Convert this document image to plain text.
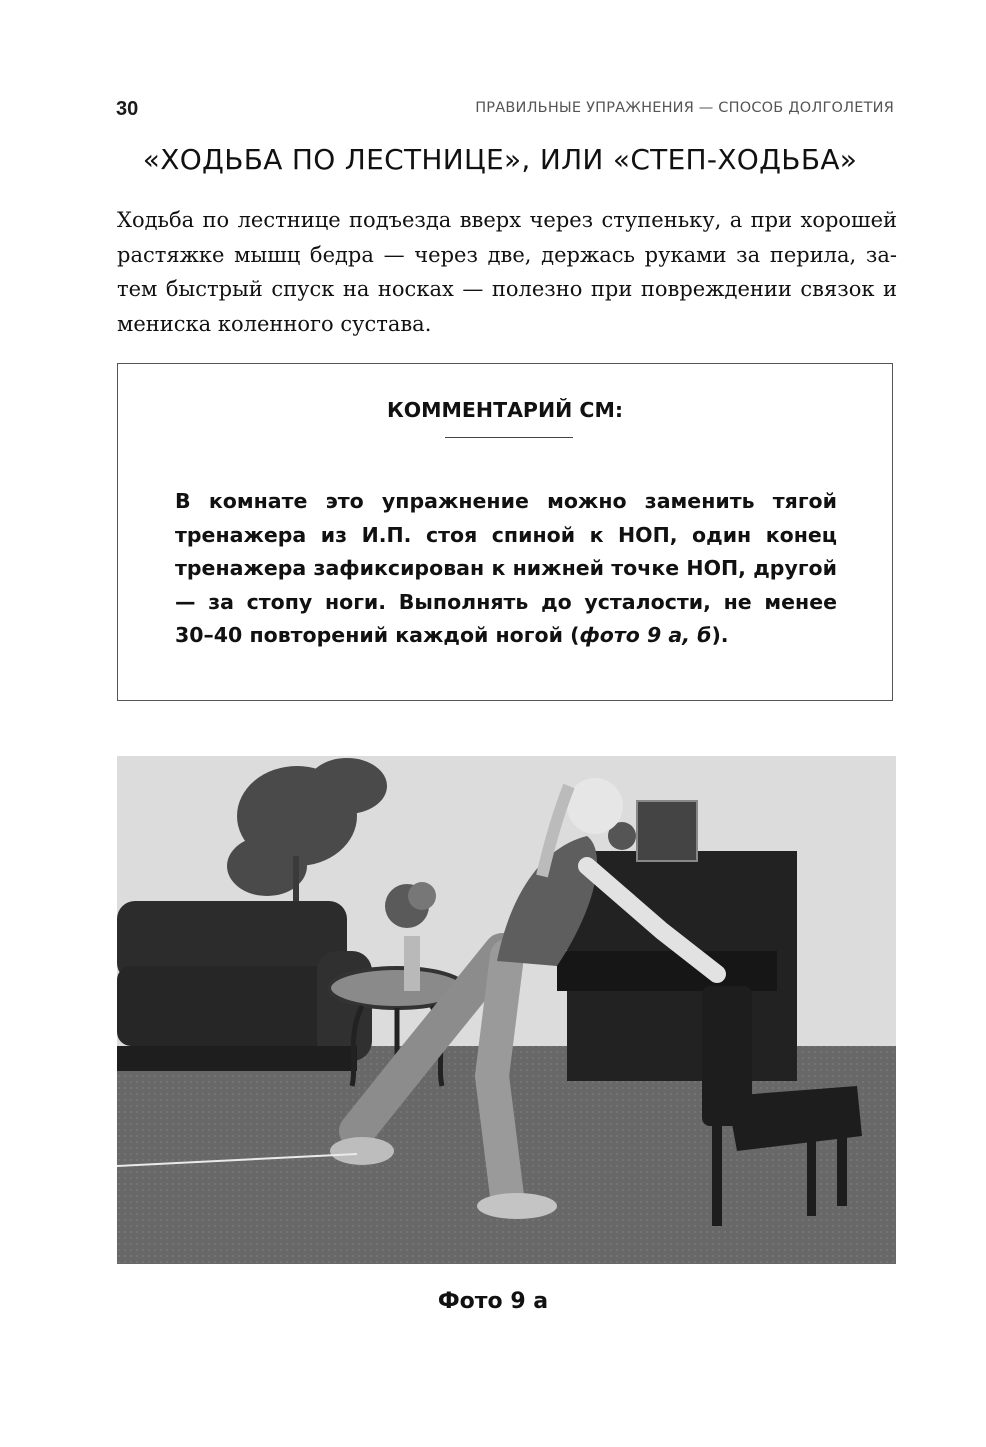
30	ПРАВИЛЬНЫЕ УПРАЖНЕНИЯ — СПОСОБ ДОЛГОЛЕТИЯ
«ХОДЬБА ПО ЛЕСТНИЦЕ», ИЛИ «СТЕП-ХОДЬБА»

Ходьба по лестнице подъезда вверх через ступеньку, а при хорошей растяжке мышц бедра — через две, держась руками за перила, затем быстрый спуск на носках — полезно при повреждении связок и мениска коленного сустава.

КОММЕНТАРИЙ СМ:

В комнате это упражнение можно заменить тягой тренажера из И.П. стоя спиной к НОП, один конец тренажера зафиксирован к нижней точке НОП, другой — за стопу ноги. Выполнять до усталости, не менее 30–40 повторений каждой ногой (фото 9 а, б).

Фото 9 а
